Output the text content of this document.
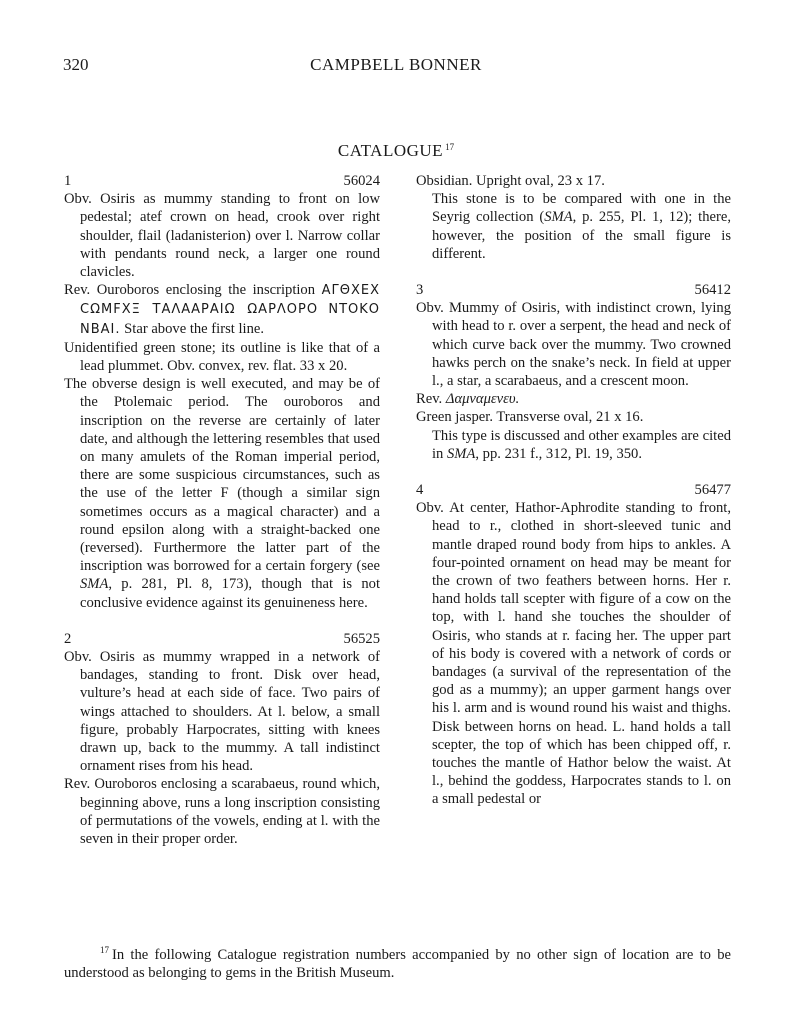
320	CAMPBELL BONNER
CATALOGUE $^{17}$
1	56024
Obv. Osiris as mummy standing to front on low pedestal; atef crown on head, crook over right shoulder, flail (ladanisterion) over l. Narrow collar with pendants round neck, a larger one round clavicles.
Rev. Ouroboros enclosing the inscription ΑΓΘΧΕΧ CΩΜFXΞ ΤΑΛΑΑΡΑΙΩ ΩΑΡΛΟΡΟ ΝΤΟΚΟ ΝΒΑΙ. Star above the first line.
Unidentified green stone; its outline is like that of a lead plummet. Obv. convex, rev. flat. 33 x 20.
The obverse design is well executed, and may be of the Ptolemaic period. The ouroboros and inscription on the reverse are certainly of later date, and although the lettering resembles that used on many amulets of the Roman imperial period, there are some suspicious circumstances, such as the use of the letter F (though a similar sign sometimes occurs as a magical character) and a round epsilon along with a straight-backed one (reversed). Furthermore the latter part of the inscription was borrowed for a certain forgery (see SMA, p. 281, Pl. 8, 173), though that is not conclusive evidence against its genuineness here.
2	56525
Obv. Osiris as mummy wrapped in a network of bandages, standing to front. Disk over head, vulture’s head at each side of face. Two pairs of wings attached to shoulders. At l. below, a small figure, probably Harpocrates, sitting with knees drawn up, back to the mummy. A tall indistinct ornament rises from his head.
Rev. Ouroboros enclosing a scarabaeus, round which, beginning above, runs a long inscription consisting of permutations of the vowels, ending at l. with the seven in their proper order.
Obsidian. Upright oval, 23 x 17.
This stone is to be compared with one in the Seyrig collection (SMA, p. 255, Pl. 1, 12); there, however, the position of the small figure is different.
3	56412
Obv. Mummy of Osiris, with indistinct crown, lying with head to r. over a serpent, the head and neck of which curve back over the mummy. Two crowned hawks perch on the snake’s neck. In field at upper l., a star, a scarabaeus, and a crescent moon.
Rev. Δαμναμενευ.
Green jasper. Transverse oval, 21 x 16.
This type is discussed and other examples are cited in SMA, pp. 231 f., 312, Pl. 19, 350.
4	56477
Obv. At center, Hathor-Aphrodite standing to front, head to r., clothed in short-sleeved tunic and mantle draped round body from hips to ankles. A four-pointed ornament on head may be meant for the crown of two feathers between horns. Her r. hand holds tall scepter with figure of a cow on the top, with l. hand she touches the shoulder of Osiris, who stands at r. facing her. The upper part of his body is covered with a network of cords or bandages (a survival of the representation of the god as a mummy); an upper garment hangs over his l. arm and is wound round his waist and thighs. Disk between horns on head. L. hand holds a tall scepter, the top of which has been chipped off, r. touches the mantle of Hathor below the waist. At l., behind the goddess, Harpocrates stands to l. on a small pedestal or
$^{17}$ In the following Catalogue registration numbers accompanied by no other sign of location are to be understood as belonging to gems in the British Museum.
